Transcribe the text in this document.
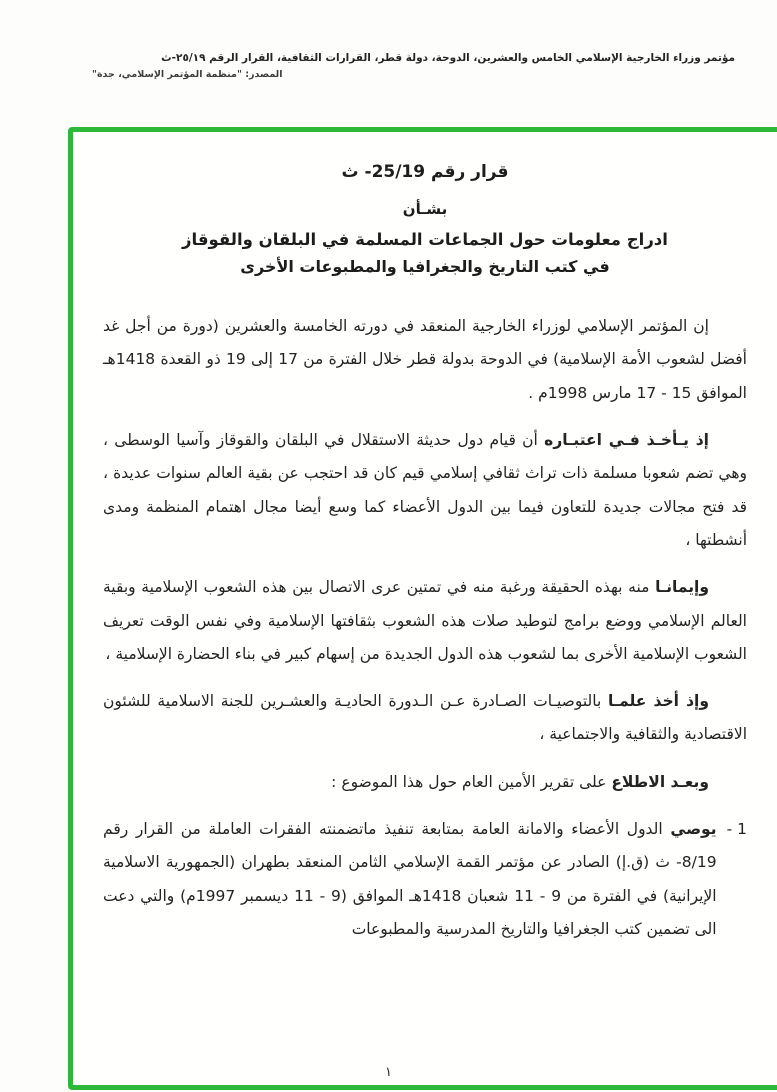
مؤتمر وزراء الخارجية الإسلامي الخامس والعشرين، الدوحة، دولة قطر، القرارات الثقافية، القرار الرقم ٢٥/١٩-ث
المصدر: "منظمة المؤتمر الإسلامي، جدة"
قرار رقم 25/19- ث
بشـأن
ادراج معلومات حول الجماعات المسلمة في البلقان والقوقاز
في كتب التاريخ والجغرافيا والمطبوعات الأخرى

إن المؤتمر الإسلامي لوزراء الخارجية المنعقد في دورته الخامسة والعشرين (دورة من أجل غد أفضل لشعوب الأمة الإسلامية) في الدوحة بدولة قطر خلال الفترة من 17 إلى 19 ذو القعدة 1418هـ الموافق 15 - 17 مارس 1998م .

إذ يـأخـذ فـي اعتبـاره أن قيام دول حديثة الاستقلال في البلقان والقوقاز وآسيا الوسطى ، وهي تضم شعوبا مسلمة ذات تراث ثقافي إسلامي قيم كان قد احتجب عن بقية العالم سنوات عديدة ، قد فتح مجالات جديدة للتعاون فيما بين الدول الأعضاء كما وسع أيضا مجال اهتمام المنظمة ومدى أنشطتها ،

وإيمانـا منه بهذه الحقيقة ورغبة منه في تمتين عرى الاتصال بين هذه الشعوب الإسلامية وبقية العالم الإسلامي ووضع برامج لتوطيد صلات هذه الشعوب بثقافتها الإسلامية وفي نفس الوقت تعريف الشعوب الإسلامية الأخرى بما لشعوب هذه الدول الجديدة من إسهام كبير في بناء الحضارة الإسلامية ،

وإذ أخذ علمـا بالتوصيـات الصـادرة عـن الـدورة الحاديـة والعشـرين للجنة الاسلامية للشئون الاقتصادية والثقافية والاجتماعية ،

وبعـد الاطلاع على تقرير الأمين العام حول هذا الموضوع :

1 -
يوصي الدول الأعضاء والامانة العامة بمتابعة تنفيذ ماتضمنته الفقرات العاملة من القرار رقم 8/19- ث (ق.إ) الصادر عن مؤتمر القمة الإسلامي الثامن المنعقد بطهران (الجمهورية الاسلامية الإيرانية) في الفترة من 9 - 11 شعبان 1418هـ الموافق (9 - 11 ديسمبر 1997م) والتي دعت الى تضمين كتب الجغرافيا والتاريخ المدرسية والمطبوعات
١
